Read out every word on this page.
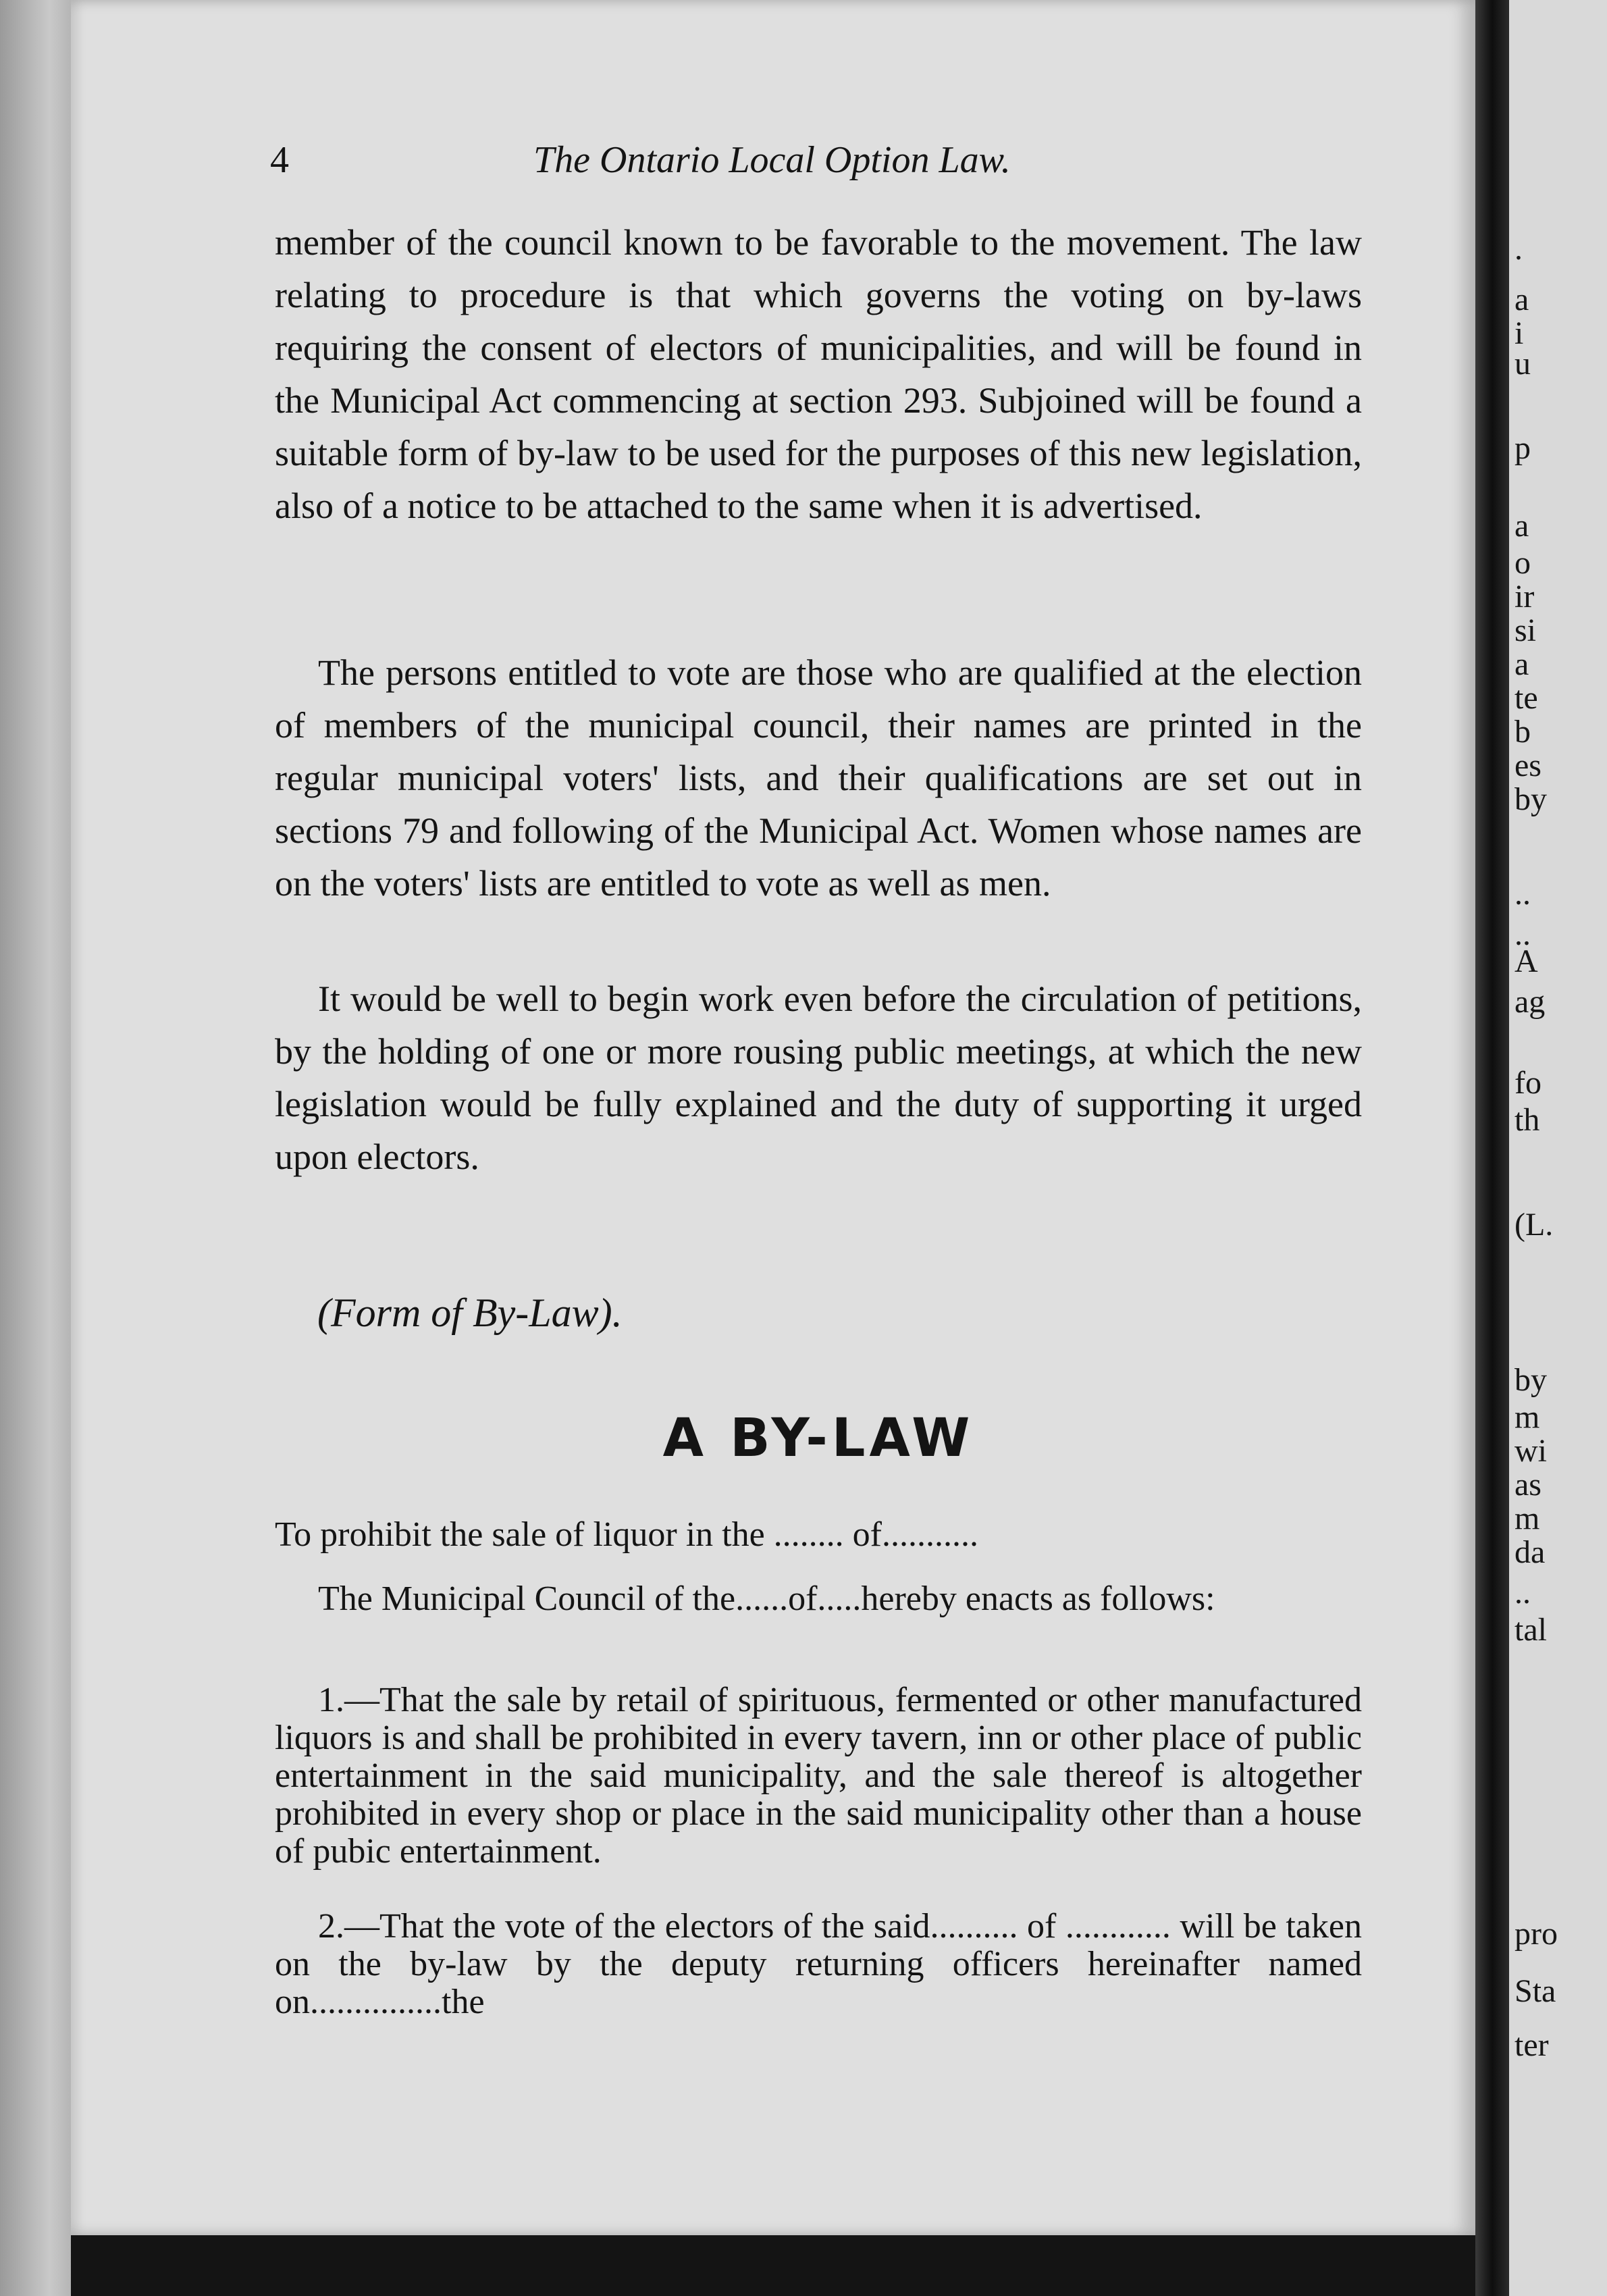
4	The Ontario Local Option Law.

member of the council known to be favorable to the movement. The law relating to procedure is that which governs the voting on by-laws requiring the consent of electors of municipalities, and will be found in the Municipal Act commencing at section 293. Subjoined will be found a suitable form of by-law to be used for the purposes of this new legislation, also of a notice to be attached to the same when it is advertised.

The persons entitled to vote are those who are qualified at the election of members of the municipal council, their names are printed in the regular municipal voters' lists, and their qualifications are set out in sections 79 and following of the Municipal Act. Women whose names are on the voters' lists are entitled to vote as well as men.

It would be well to begin work even before the circulation of petitions, by the holding of one or more rousing public meetings, at which the new legislation would be fully explained and the duty of supporting it urged upon electors.

(Form of By-Law).
A BY-LAW

To prohibit the sale of liquor in the ........ of...........

The Municipal Council of the......of.....hereby enacts as follows:

1.—That the sale by retail of spirituous, fermented or other manufactured liquors is and shall be prohibited in every tavern, inn or other place of public entertainment in the said municipality, and the sale thereof is altogether prohibited in every shop or place in the said municipality other than a house of pubic entertainment.

2.—That the vote of the electors of the said.......... of ............ will be taken on the by-law by the deputy returning officers hereinafter named on...............the

.
a
i
u
p
a
o
ir
si
a
te
b
es
by
..
..
A
ag
fo
th
(L.
by
m
wi
as
m
da
..
tal
pro
Sta
ter
